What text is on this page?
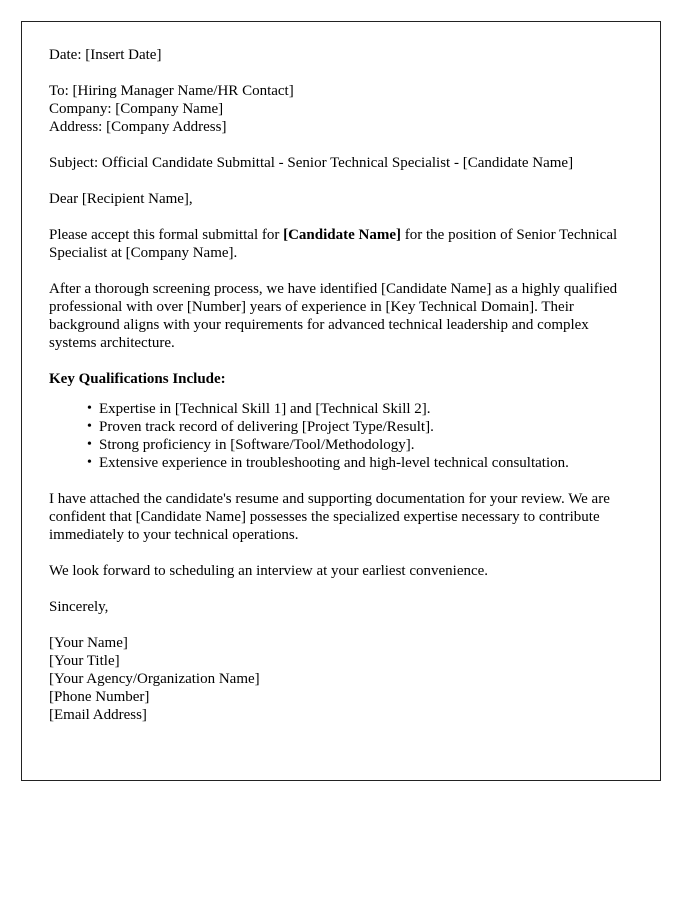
Date: [Insert Date]
To: [Hiring Manager Name/HR Contact]
Company: [Company Name]
Address: [Company Address]
Subject: Official Candidate Submittal - Senior Technical Specialist - [Candidate Name]
Dear [Recipient Name],

Please accept this formal submittal for [Candidate Name] for the position of Senior Technical Specialist at [Company Name].

After a thorough screening process, we have identified [Candidate Name] as a highly qualified professional with over [Number] years of experience in [Key Technical Domain]. Their background aligns with your requirements for advanced technical leadership and complex systems architecture.

Key Qualifications Include:

• Expertise in [Technical Skill 1] and [Technical Skill 2].
• Proven track record of delivering [Project Type/Result].
• Strong proficiency in [Software/Tool/Methodology].
• Extensive experience in troubleshooting and high-level technical consultation.

I have attached the candidate's resume and supporting documentation for your review. We are confident that [Candidate Name] possesses the specialized expertise necessary to contribute immediately to your technical operations.

We look forward to scheduling an interview at your earliest convenience.

Sincerely,
[Your Name]
[Your Title]
[Your Agency/Organization Name]
[Phone Number]
[Email Address]
